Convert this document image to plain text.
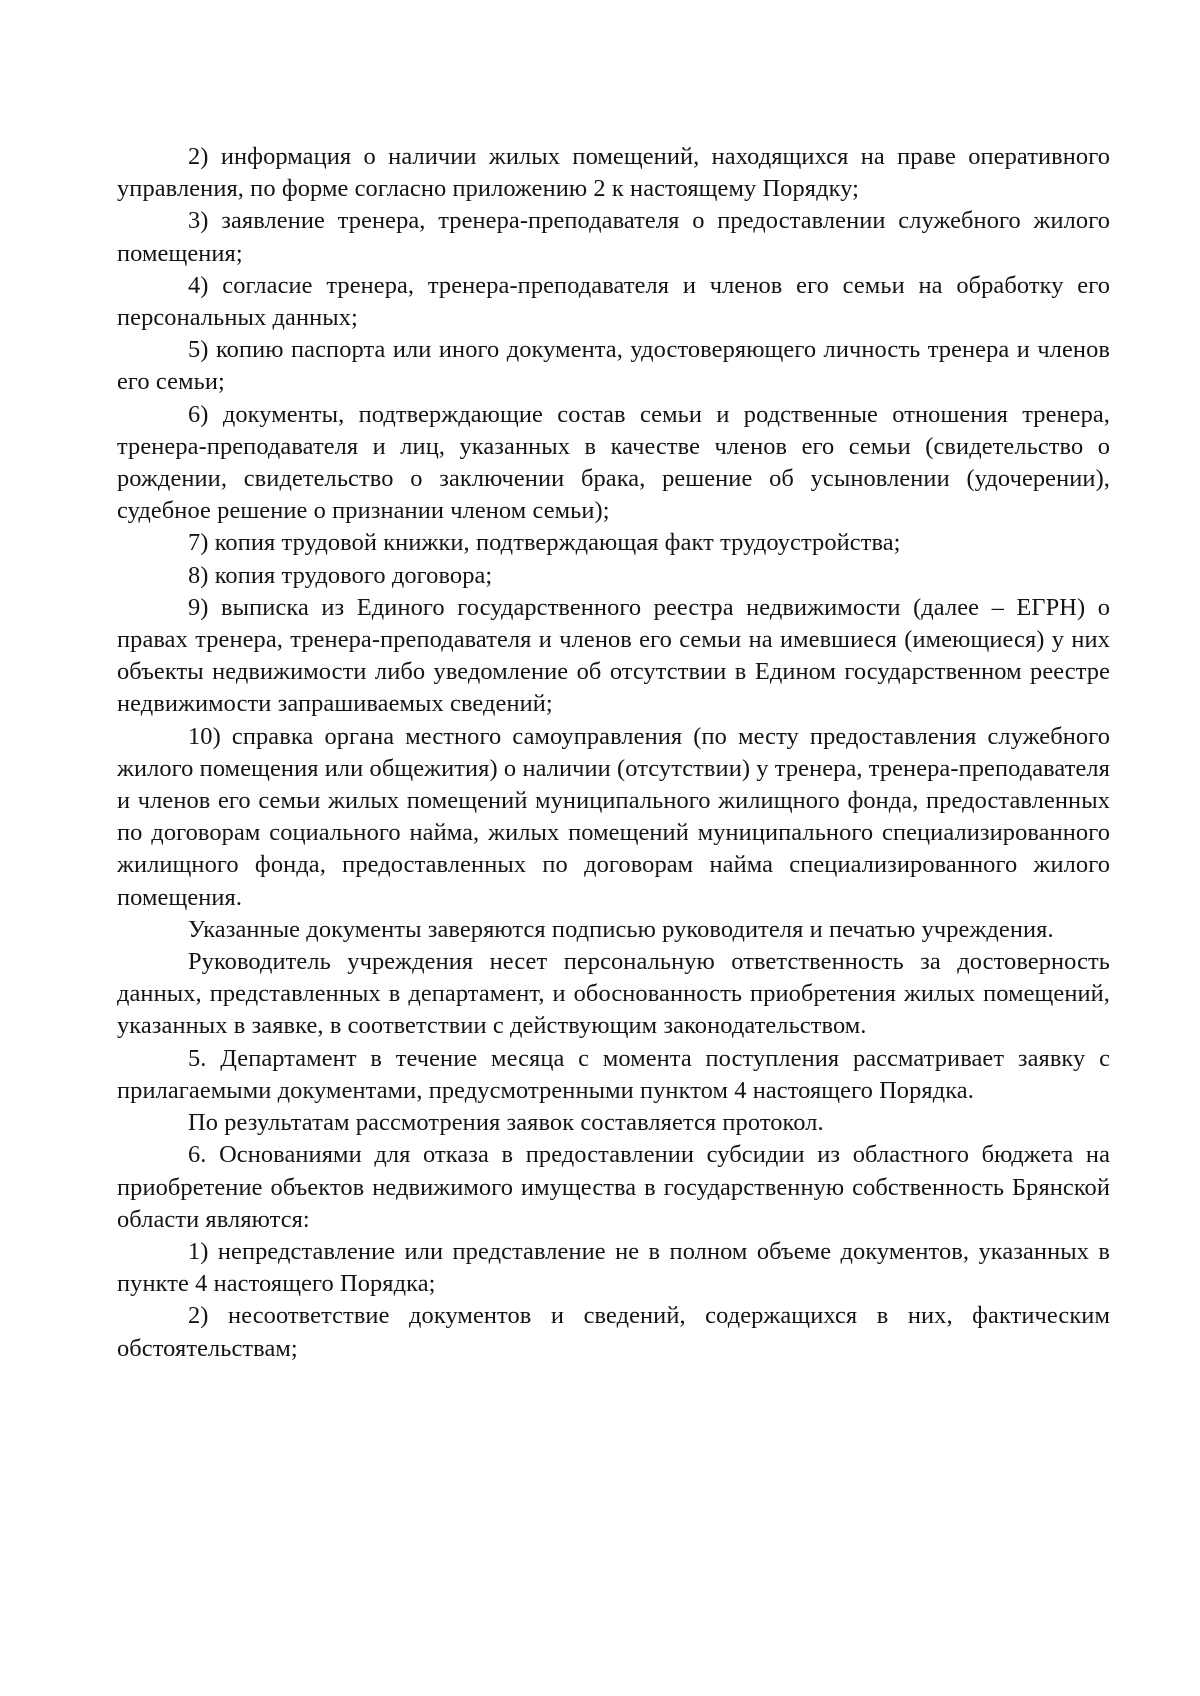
2) информация о наличии жилых помещений, находящихся на праве оперативного управления, по форме согласно приложению 2 к настоящему Порядку;

3) заявление тренера, тренера-преподавателя о предоставлении служебного жилого помещения;

4) согласие тренера, тренера-преподавателя и членов его семьи на обработку его персональных данных;

5) копию паспорта или иного документа, удостоверяющего личность тренера и членов его семьи;

6) документы, подтверждающие состав семьи и родственные отношения тренера, тренера-преподавателя и лиц, указанных в качестве членов его семьи (свидетельство о рождении, свидетельство о заключении брака, решение об усыновлении (удочерении), судебное решение о признании членом семьи);

7) копия трудовой книжки, подтверждающая факт трудоустройства;

8) копия трудового договора;

9) выписка из Единого государственного реестра недвижимости (далее – ЕГРН) о правах тренера, тренера-преподавателя и членов его семьи на имевшиеся (имеющиеся) у них объекты недвижимости либо уведомление об отсутствии в Едином государственном реестре недвижимости запрашиваемых сведений;

10) справка органа местного самоуправления (по месту предоставления служебного жилого помещения или общежития) о наличии (отсутствии) у тренера, тренера-преподавателя и членов его семьи жилых помещений муниципального жилищного фонда, предоставленных по договорам социального найма, жилых помещений муниципального специализированного жилищного фонда, предоставленных по договорам найма специализированного жилого помещения.

Указанные документы заверяются подписью руководителя и печатью учреждения.

Руководитель учреждения несет персональную ответственность за достоверность данных, представленных в департамент, и обоснованность приобретения жилых помещений, указанных в заявке, в соответствии с действующим законодательством.

5. Департамент в течение месяца с момента поступления рассматривает заявку с прилагаемыми документами, предусмотренными пунктом 4 настоящего Порядка.

По результатам рассмотрения заявок составляется протокол.

6. Основаниями для отказа в предоставлении субсидии из областного бюджета на приобретение объектов недвижимого имущества в государственную собственность Брянской области являются:

1) непредставление или представление не в полном объеме документов, указанных в пункте 4 настоящего Порядка;

2) несоответствие документов и сведений, содержащихся в них, фактическим обстоятельствам;
